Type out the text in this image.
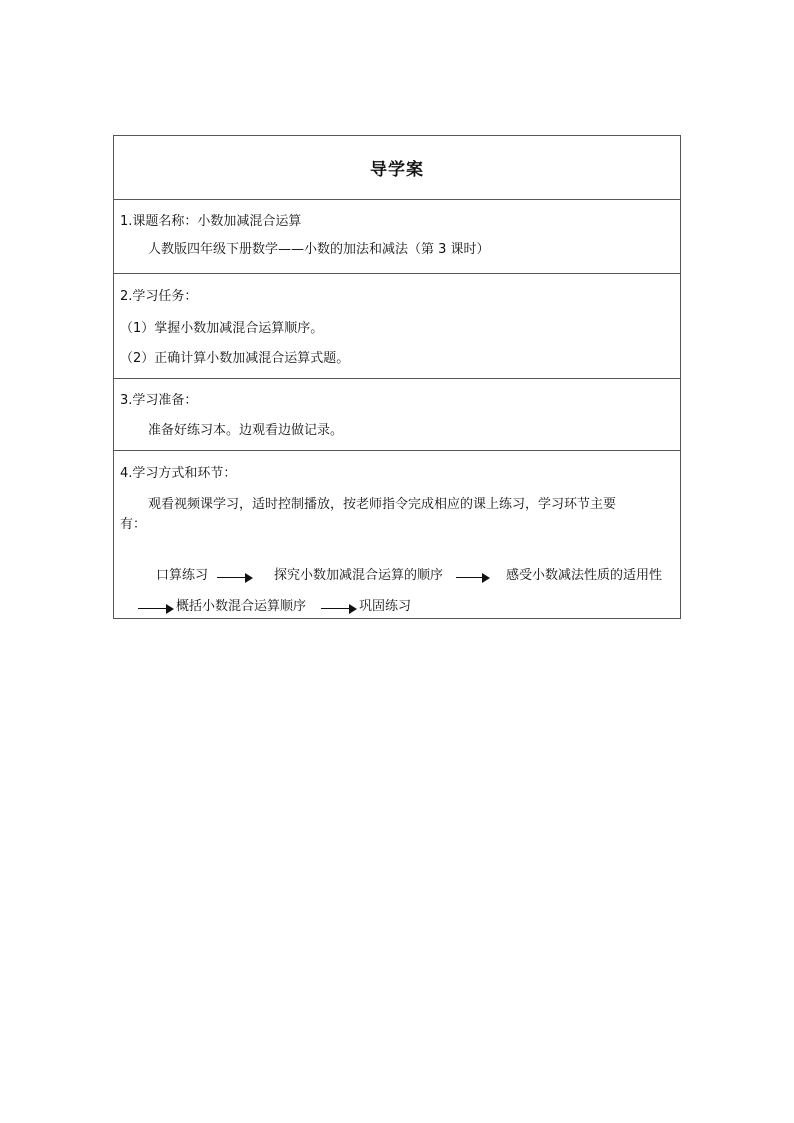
导学案
1.课题名称：小数加减混合运算
人教版四年级下册数学——小数的加法和减法（第 3 课时）
2.学习任务：
（1）掌握小数加减混合运算顺序。
（2）正确计算小数加减混合运算式题。
3.学习准备：
准备好练习本。边观看边做记录。
4.学习方式和环节：
观看视频课学习，适时控制播放，按老师指令完成相应的课上练习，学习环节主要
有：
口算练习	探究小数加减混合运算的顺序	感受小数减法性质的适用性
概括小数混合运算顺序	巩固练习
